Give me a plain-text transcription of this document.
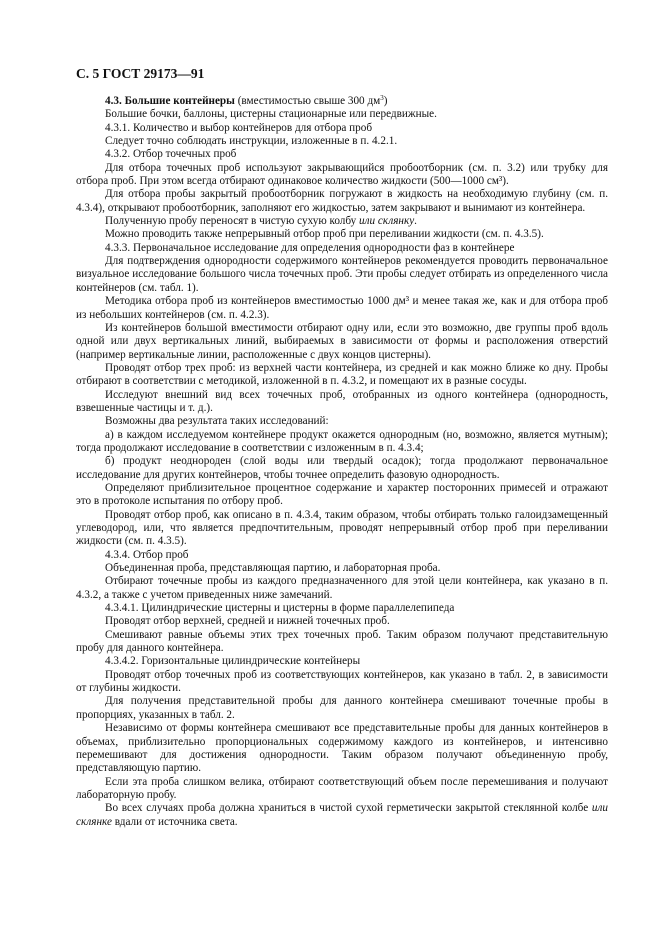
С. 5 ГОСТ 29173—91

4.3. Большие контейнеры (вместимостью свыше 300 $дм^3$)

Большие бочки, баллоны, цистерны стационарные или передвижные.

4.3.1. Количество и выбор контейнеров для отбора проб

Следует точно соблюдать инструкции, изложенные в п. 4.2.1.

4.3.2. Отбор точечных проб

Для отбора точечных проб используют закрывающийся пробоотборник (см. п. 3.2) или трубку для отбора проб. При этом всегда отбирают одинаковое количество жидкости (500—1000 см³).

Для отбора пробы закрытый пробоотборник погружают в жидкость на необходимую глубину (см. п. 4.3.4), открывают пробоотборник, заполняют его жидкостью, затем закрывают и вынимают из контейнера.

Полученную пробу переносят в чистую сухую колбу или склянку.

Можно проводить также непрерывный отбор проб при переливании жидкости (см. п. 4.3.5).

4.3.3. Первоначальное исследование для определения однородности фаз в контейнере

Для подтверждения однородности содержимого контейнеров рекомендуется проводить первоначальное визуальное исследование большого числа точечных проб. Эти пробы следует отбирать из определенного числа контейнеров (см. табл. 1).

Методика отбора проб из контейнеров вместимостью 1000 дм³ и менее такая же, как и для отбора проб из небольших контейнеров (см. п. 4.2.3).

Из контейнеров большой вместимости отбирают одну или, если это возможно, две группы проб вдоль одной или двух вертикальных линий, выбираемых в зависимости от формы и расположения отверстий (например вертикальные линии, расположенные с двух концов цистерны).

Проводят отбор трех проб: из верхней части контейнера, из средней и как можно ближе ко дну. Пробы отбирают в соответствии с методикой, изложенной в п. 4.3.2, и помещают их в разные сосуды.

Исследуют внешний вид всех точечных проб, отобранных из одного контейнера (однородность, взвешенные частицы и т. д.).

Возможны два результата таких исследований:

а) в каждом исследуемом контейнере продукт окажется однородным (но, возможно, является мутным); тогда продолжают исследование в соответствии с изложенным в п. 4.3.4;

б) продукт неоднороден (слой воды или твердый осадок); тогда продолжают первоначальное исследование для других контейнеров, чтобы точнее определить фазовую однородность.

Определяют приблизительное процентное содержание и характер посторонних примесей и отражают это в протоколе испытания по отбору проб.

Проводят отбор проб, как описано в п. 4.3.4, таким образом, чтобы отбирать только галоидзамещенный углеводород, или, что является предпочтительным, проводят непрерывный отбор проб при переливании жидкости (см. п. 4.3.5).

4.3.4. Отбор проб

Объединенная проба, представляющая партию, и лабораторная проба.

Отбирают точечные пробы из каждого предназначенного для этой цели контейнера, как указано в п. 4.3.2, а также с учетом приведенных ниже замечаний.

4.3.4.1. Цилиндрические цистерны и цистерны в форме параллелепипеда

Проводят отбор верхней, средней и нижней точечных проб.

Смешивают равные объемы этих трех точечных проб. Таким образом получают представительную пробу для данного контейнера.

4.3.4.2. Горизонтальные цилиндрические контейнеры

Проводят отбор точечных проб из соответствующих контейнеров, как указано в табл. 2, в зависимости от глубины жидкости.

Для получения представительной пробы для данного контейнера смешивают точечные пробы в пропорциях, указанных в табл. 2.

Независимо от формы контейнера смешивают все представительные пробы для данных контейнеров в объемах, приблизительно пропорциональных содержимому каждого из контейнеров, и интенсивно перемешивают для достижения однородности. Таким образом получают объединенную пробу, представляющую партию.

Если эта проба слишком велика, отбирают соответствующий объем после перемешивания и получают лабораторную пробу.

Во всех случаях проба должна храниться в чистой сухой герметически закрытой стеклянной колбе или склянке вдали от источника света.
